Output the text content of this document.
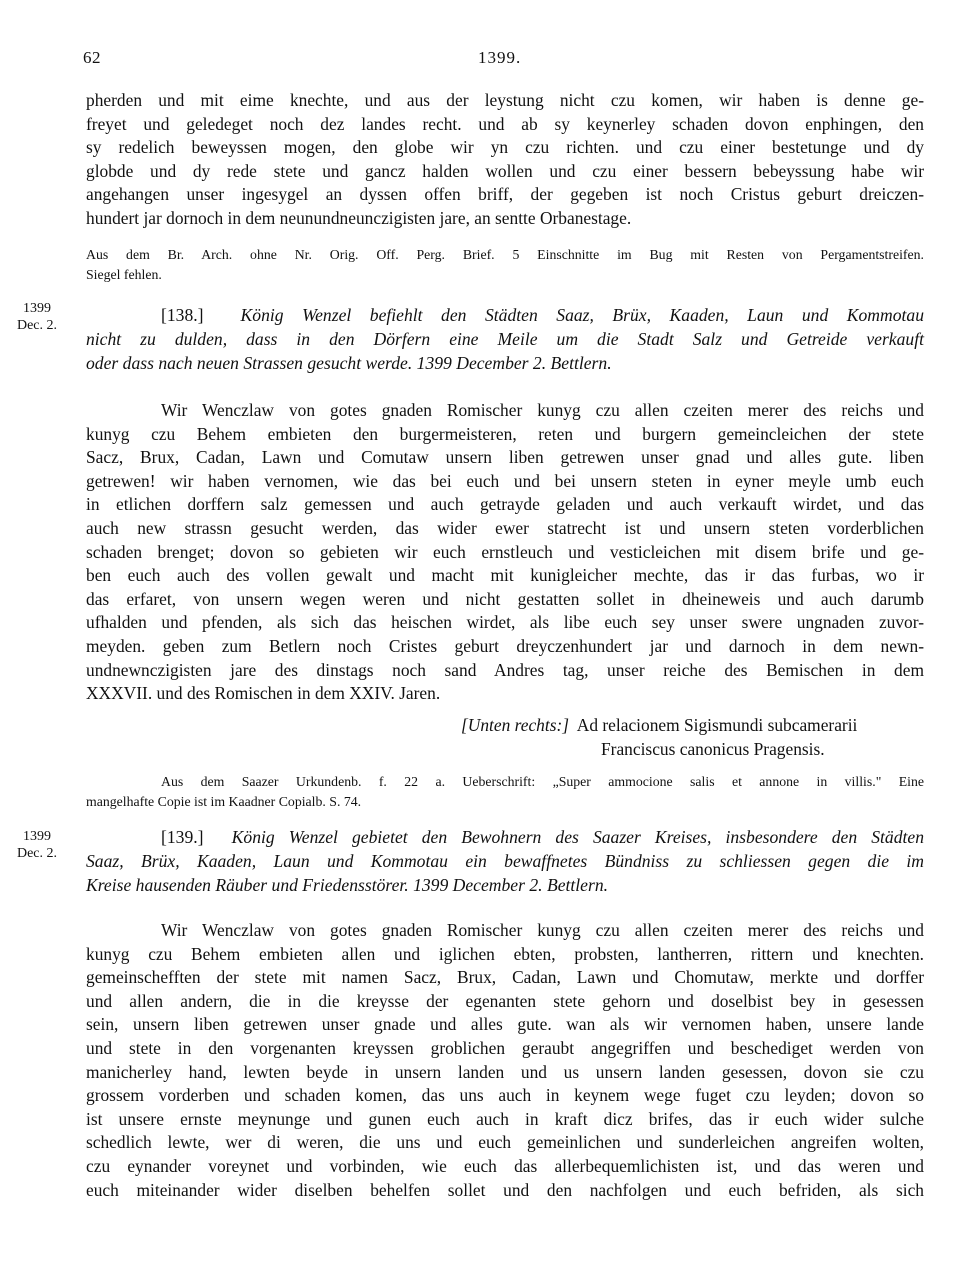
62	1399.
pherden und mit eime knechte, und aus der leystung nicht czu komen, wir haben is denne ge-
freyet und geledeget noch dez landes recht. und ab sy keynerley schaden dovon enphingen, den
sy redelich beweyssen mogen, den globe wir yn czu richten. und czu einer bestetunge und dy
globde und dy rede stete und gancz halden wollen und czu einer bessern bebeyssung habe wir
angehangen unser ingesygel an dyssen offen briff, der gegeben ist noch Cristus geburt dreiczen-
hundert jar dornoch in dem neunundneunczigisten jare, an sentte Orbanestage.
Aus dem Br. Arch. ohne Nr. Orig. Off. Perg. Brief. 5 Einschnitte im Bug mit Resten von Pergamentstreifen.
Siegel fehlen.
1399
Dec. 2.
[138.] König Wenzel befiehlt den Städten Saaz, Brüx, Kaaden, Laun und Kommotau
nicht zu dulden, dass in den Dörfern eine Meile um die Stadt Salz und Getreide verkauft
oder dass nach neuen Strassen gesucht werde. 1399 December 2. Bettlern.
Wir Wenczlaw von gotes gnaden Romischer kunyg czu allen czeiten merer des reichs und
kunyg czu Behem embieten den burgermeisteren, reten und burgern gemeincleichen der stete
Sacz, Brux, Cadan, Lawn und Comutaw unsern liben getrewen unser gnad und alles gute. liben
getrewen! wir haben vernomen, wie das bei euch und bei unsern steten in eyner meyle umb euch
in etlichen dorffern salz gemessen und auch getrayde geladen und auch verkauft wirdet, und das
auch new strassn gesucht werden, das wider ewer statrecht ist und unsern steten vorderblichen
schaden brenget; dovon so gebieten wir euch ernstleuch und vesticleichen mit disem brife und ge-
ben euch auch des vollen gewalt und macht mit kunigleicher mechte, das ir das furbas, wo ir
das erfaret, von unsern wegen weren und nicht gestatten sollet in dheineweis und auch darumb
ufhalden und pfenden, als sich das heischen wirdet, als libe euch sey unser swere ungnaden zuvor-
meyden. geben zum Betlern noch Cristes geburt dreyczenhundert jar und darnoch in dem newn-
undnewnczigisten jare des dinstags noch sand Andres tag, unser reiche des Bemischen in dem
XXXVII. und des Romischen in dem XXIV. Jaren.
[Unten rechts:] Ad relacionem Sigismundi subcamerarii
Franciscus canonicus Pragensis.
Aus dem Saazer Urkundenb. f. 22 a. Ueberschrift: „Super ammocione salis et annone in villis." Eine
mangelhafte Copie ist im Kaadner Copialb. S. 74.
1399
Dec. 2.
[139.] König Wenzel gebietet den Bewohnern des Saazer Kreises, insbesondere den Städten
Saaz, Brüx, Kaaden, Laun und Kommotau ein bewaffnetes Bündniss zu schliessen gegen die im
Kreise hausenden Räuber und Friedensstörer. 1399 December 2. Bettlern.
Wir Wenczlaw von gotes gnaden Romischer kunyg czu allen czeiten merer des reichs und
kunyg czu Behem embieten allen und iglichen ebten, probsten, lantherren, rittern und knechten.
gemeinschefften der stete mit namen Sacz, Brux, Cadan, Lawn und Chomutaw, merkte und dorffer
und allen andern, die in die kreysse der egenanten stete gehorn und doselbist bey in gesessen
sein, unsern liben getrewen unser gnade und alles gute. wan als wir vernomen haben, unsere lande
und stete in den vorgenanten kreyssen groblichen geraubt angegriffen und beschediget werden von
manicherley hand, lewten beyde in unsern landen und us unsern landen gesessen, dovon sie czu
grossem vorderben und schaden komen, das uns auch in keynem wege fuget czu leyden; dovon so
ist unsere ernste meynunge und gunen euch auch in kraft dicz brifes, das ir euch wider sulche
schedlich lewte, wer di weren, die uns und euch gemeinlichen und sunderleichen angreifen wolten,
czu eynander voreynet und vorbinden, wie euch das allerbequemlichisten ist, und das weren und
euch miteinander wider diselben behelfen sollet und den nachfolgen und euch befriden, als sich
